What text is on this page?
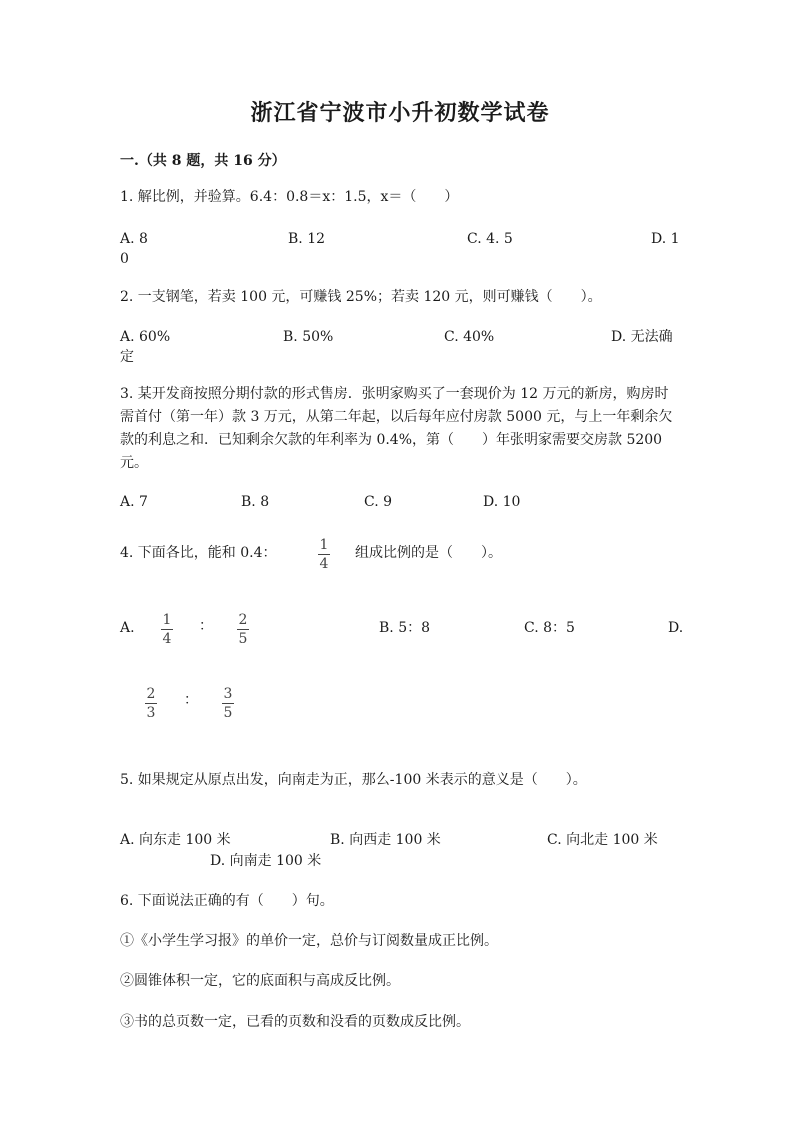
浙江省宁波市小升初数学试卷
一.（共 8 题，共 16 分）
1. 解比例，并验算。6.4：0.8＝x：1.5，x＝（　　）
A. 8	B. 12	C. 4. 5	D. 1
0
2. 一支钢笔，若卖 100 元，可赚钱 25%；若卖 120 元，则可赚钱（　　）。
A. 60%	B. 50%	C. 40%	D. 无法确
定
3. 某开发商按照分期付款的形式售房．张明家购买了一套现价为 12 万元的新房，购房时需首付（第一年）款 3 万元，从第二年起，以后每年应付房款 5000 元，与上一年剩余欠款的利息之和．已知剩余欠款的年利率为 0.4%，第（　　）年张明家需要交房款 5200 元。
A. 7	B. 8	C. 9	D. 10
4. 下面各比，能和 0.4：	1
4
组成比例的是（　　）。
A. 1
4
： 2
5
B. 5：8	C. 8：5	D.
2
3
： 3
5
5. 如果规定从原点出发，向南走为正，那么-100 米表示的意义是（　　）。
A. 向东走 100 米	B. 向西走 100 米	C. 向北走 100 米
D. 向南走 100 米
6. 下面说法正确的有（　　）句。
①《小学生学习报》的单价一定，总价与订阅数量成正比例。
②圆锥体积一定，它的底面积与高成反比例。
③书的总页数一定，已看的页数和没看的页数成反比例。
